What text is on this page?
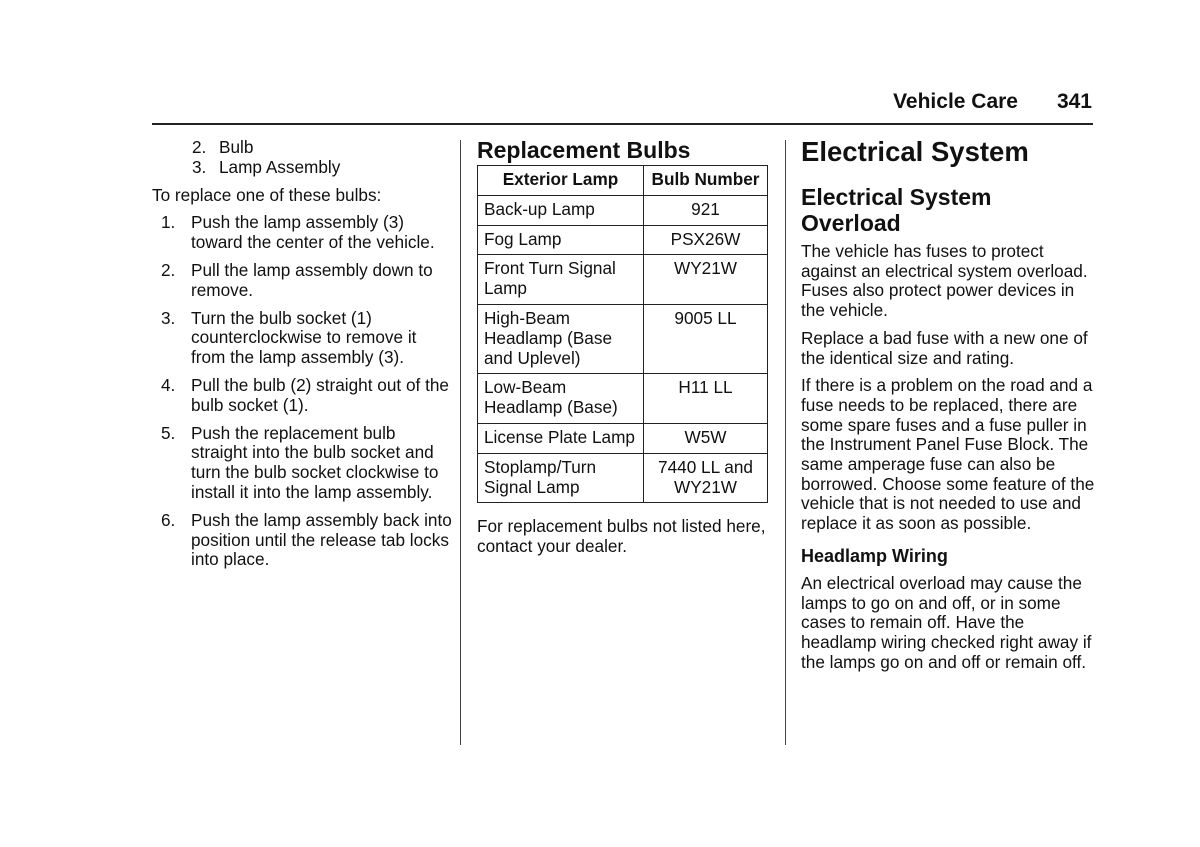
Vehicle Care 341
2. Bulb
3. Lamp Assembly
To replace one of these bulbs:
1. Push the lamp assembly (3) toward the center of the vehicle.
2. Pull the lamp assembly down to remove.
3. Turn the bulb socket (1) counterclockwise to remove it from the lamp assembly (3).
4. Pull the bulb (2) straight out of the bulb socket (1).
5. Push the replacement bulb straight into the bulb socket and turn the bulb socket clockwise to install it into the lamp assembly.
6. Push the lamp assembly back into position until the release tab locks into place.
Replacement Bulbs
Exterior Lamp	Bulb Number
Back-up Lamp	921
Fog Lamp	PSX26W
Front Turn Signal Lamp	WY21W
High-Beam Headlamp (Base and Uplevel)	9005 LL
Low-Beam Headlamp (Base)	H11 LL
License Plate Lamp	W5W
Stoplamp/Turn Signal Lamp	7440 LL and WY21W
For replacement bulbs not listed here, contact your dealer.
Electrical System
Electrical System Overload

The vehicle has fuses to protect against an electrical system overload. Fuses also protect power devices in the vehicle.

Replace a bad fuse with a new one of the identical size and rating.

If there is a problem on the road and a fuse needs to be replaced, there are some spare fuses and a fuse puller in the Instrument Panel Fuse Block. The same amperage fuse can also be borrowed. Choose some feature of the vehicle that is not needed to use and replace it as soon as possible.

Headlamp Wiring

An electrical overload may cause the lamps to go on and off, or in some cases to remain off. Have the headlamp wiring checked right away if the lamps go on and off or remain off.
